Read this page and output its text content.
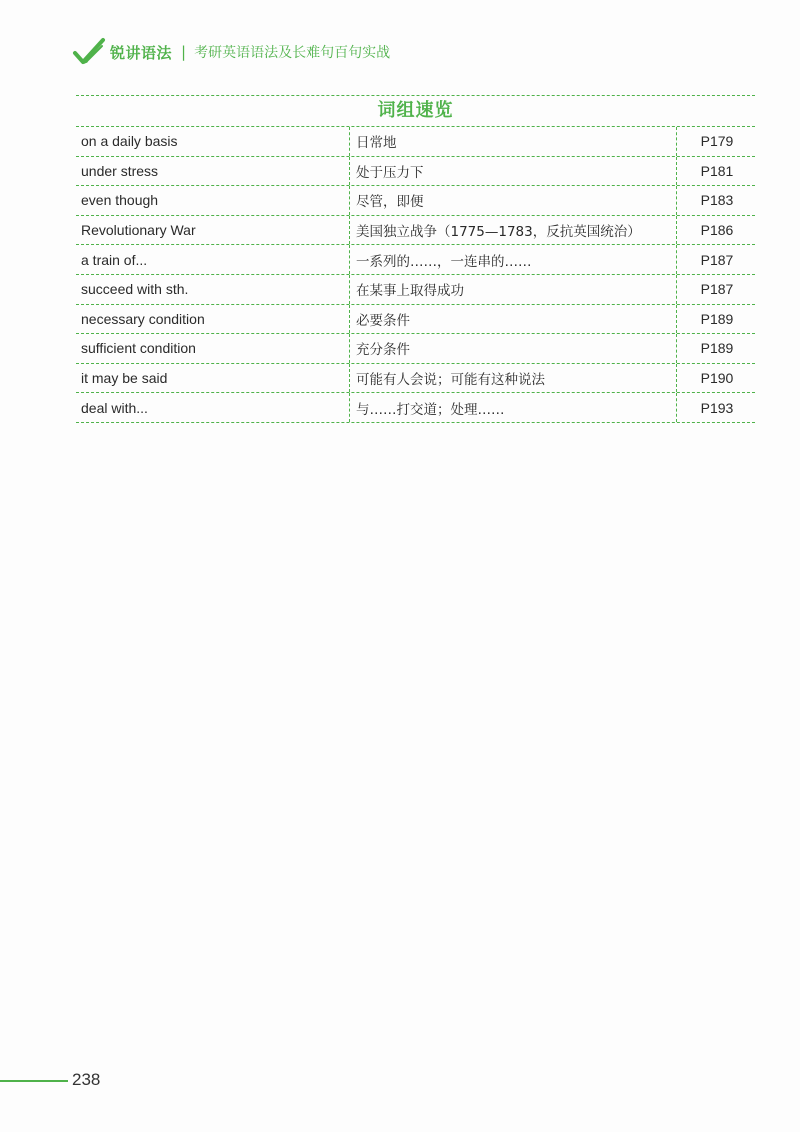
锐讲语法 | 考研英语语法及长难句百句实战
词组速览
on a daily basis	日常地	P179
under stress	处于压力下	P181
even though	尽管，即便	P183
Revolutionary War	美国独立战争（1775—1783，反抗英国统治）	P186
a train of...	一系列的……，一连串的……	P187
succeed with sth.	在某事上取得成功	P187
necessary condition	必要条件	P189
sufficient condition	充分条件	P189
it may be said	可能有人会说；可能有这种说法	P190
deal with...	与……打交道；处理……	P193
238
